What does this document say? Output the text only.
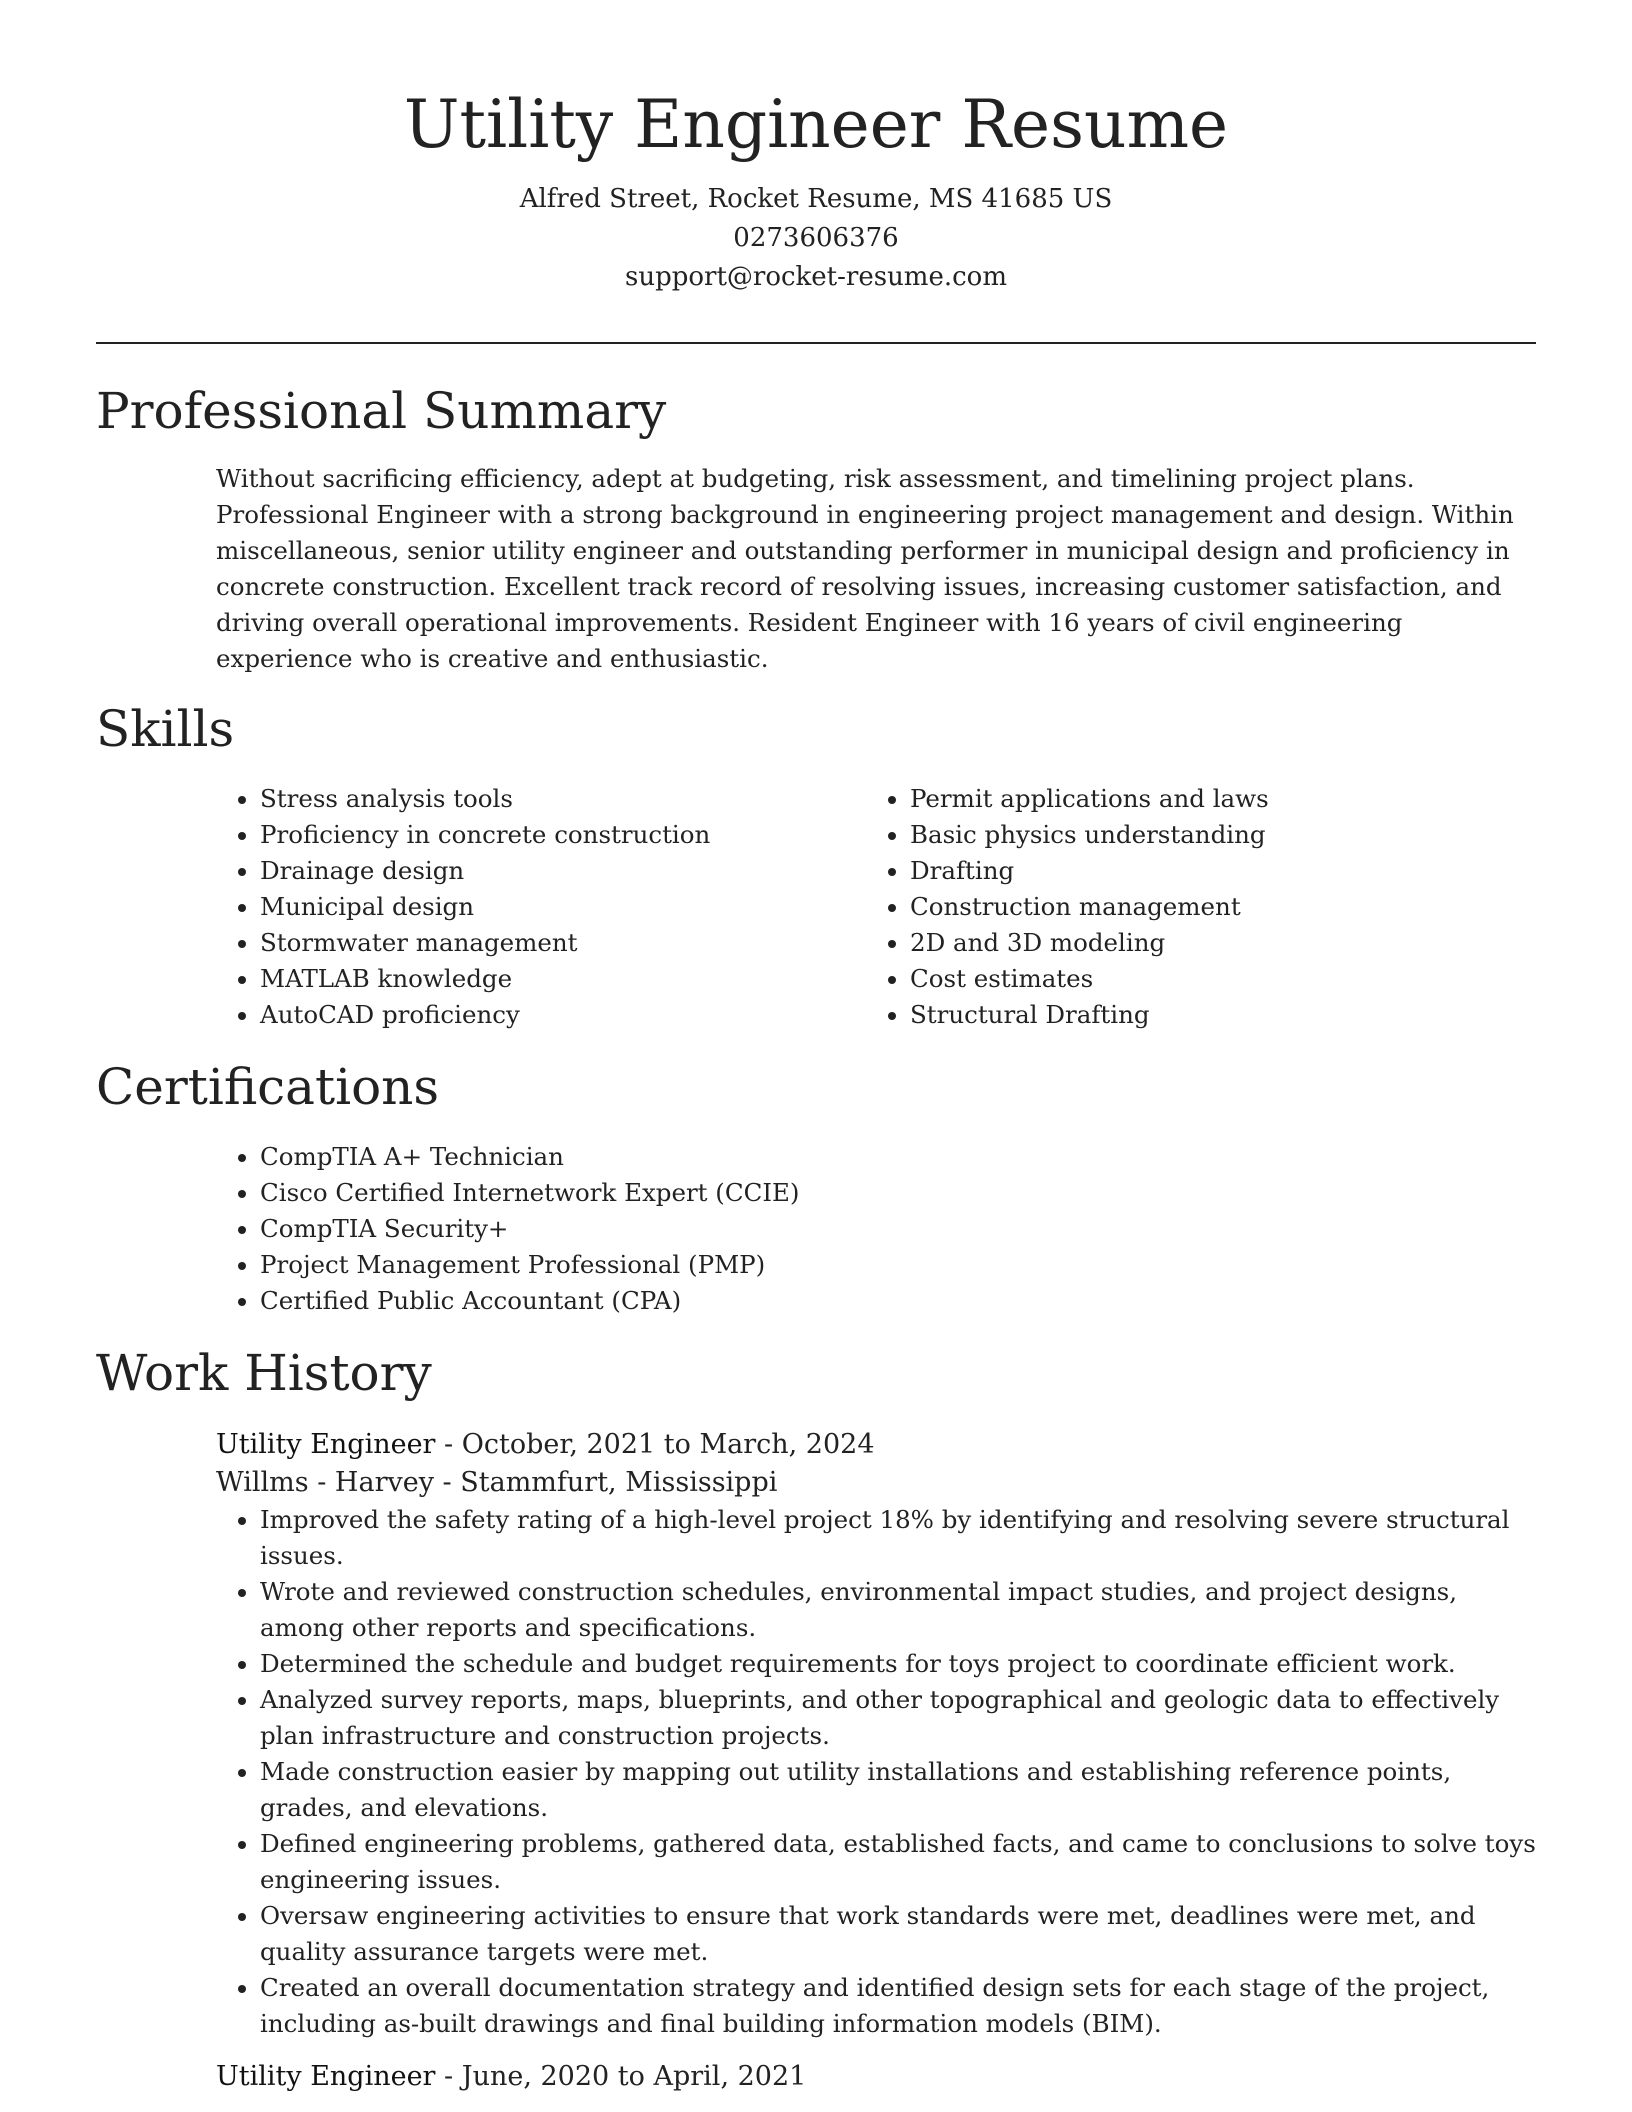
Utility Engineer Resume
Alfred Street, Rocket Resume, MS 41685 US
0273606376
support@rocket-resume.com
Professional Summary

Without sacrificing efficiency, adept at budgeting, risk assessment, and timelining project plans. Professional Engineer with a strong background in engineering project management and design. Within miscellaneous, senior utility engineer and outstanding performer in municipal design and proficiency in concrete construction. Excellent track record of resolving issues, increasing customer satisfaction, and driving overall operational improvements. Resident Engineer with 16 years of civil engineering experience who is creative and enthusiastic.

Skills
• Stress analysis tools
• Proficiency in concrete construction
• Drainage design
• Municipal design
• Stormwater management
• MATLAB knowledge
• AutoCAD proficiency
• Permit applications and laws
• Basic physics understanding
• Drafting
• Construction management
• 2D and 3D modeling
• Cost estimates
• Structural Drafting
Certifications
• CompTIA A+ Technician
• Cisco Certified Internetwork Expert (CCIE)
• CompTIA Security+
• Project Management Professional (PMP)
• Certified Public Accountant (CPA)
Work History
Utility Engineer - October, 2021 to March, 2024
Willms - Harvey - Stammfurt, Mississippi
• Improved the safety rating of a high-level project 18% by identifying and resolving severe structural issues.
• Wrote and reviewed construction schedules, environmental impact studies, and project designs, among other reports and specifications.
• Determined the schedule and budget requirements for toys project to coordinate efficient work.
• Analyzed survey reports, maps, blueprints, and other topographical and geologic data to effectively plan infrastructure and construction projects.
• Made construction easier by mapping out utility installations and establishing reference points, grades, and elevations.
• Defined engineering problems, gathered data, established facts, and came to conclusions to solve toys engineering issues.
• Oversaw engineering activities to ensure that work standards were met, deadlines were met, and quality assurance targets were met.
• Created an overall documentation strategy and identified design sets for each stage of the project, including as-built drawings and final building information models (BIM).
Utility Engineer - June, 2020 to April, 2021
